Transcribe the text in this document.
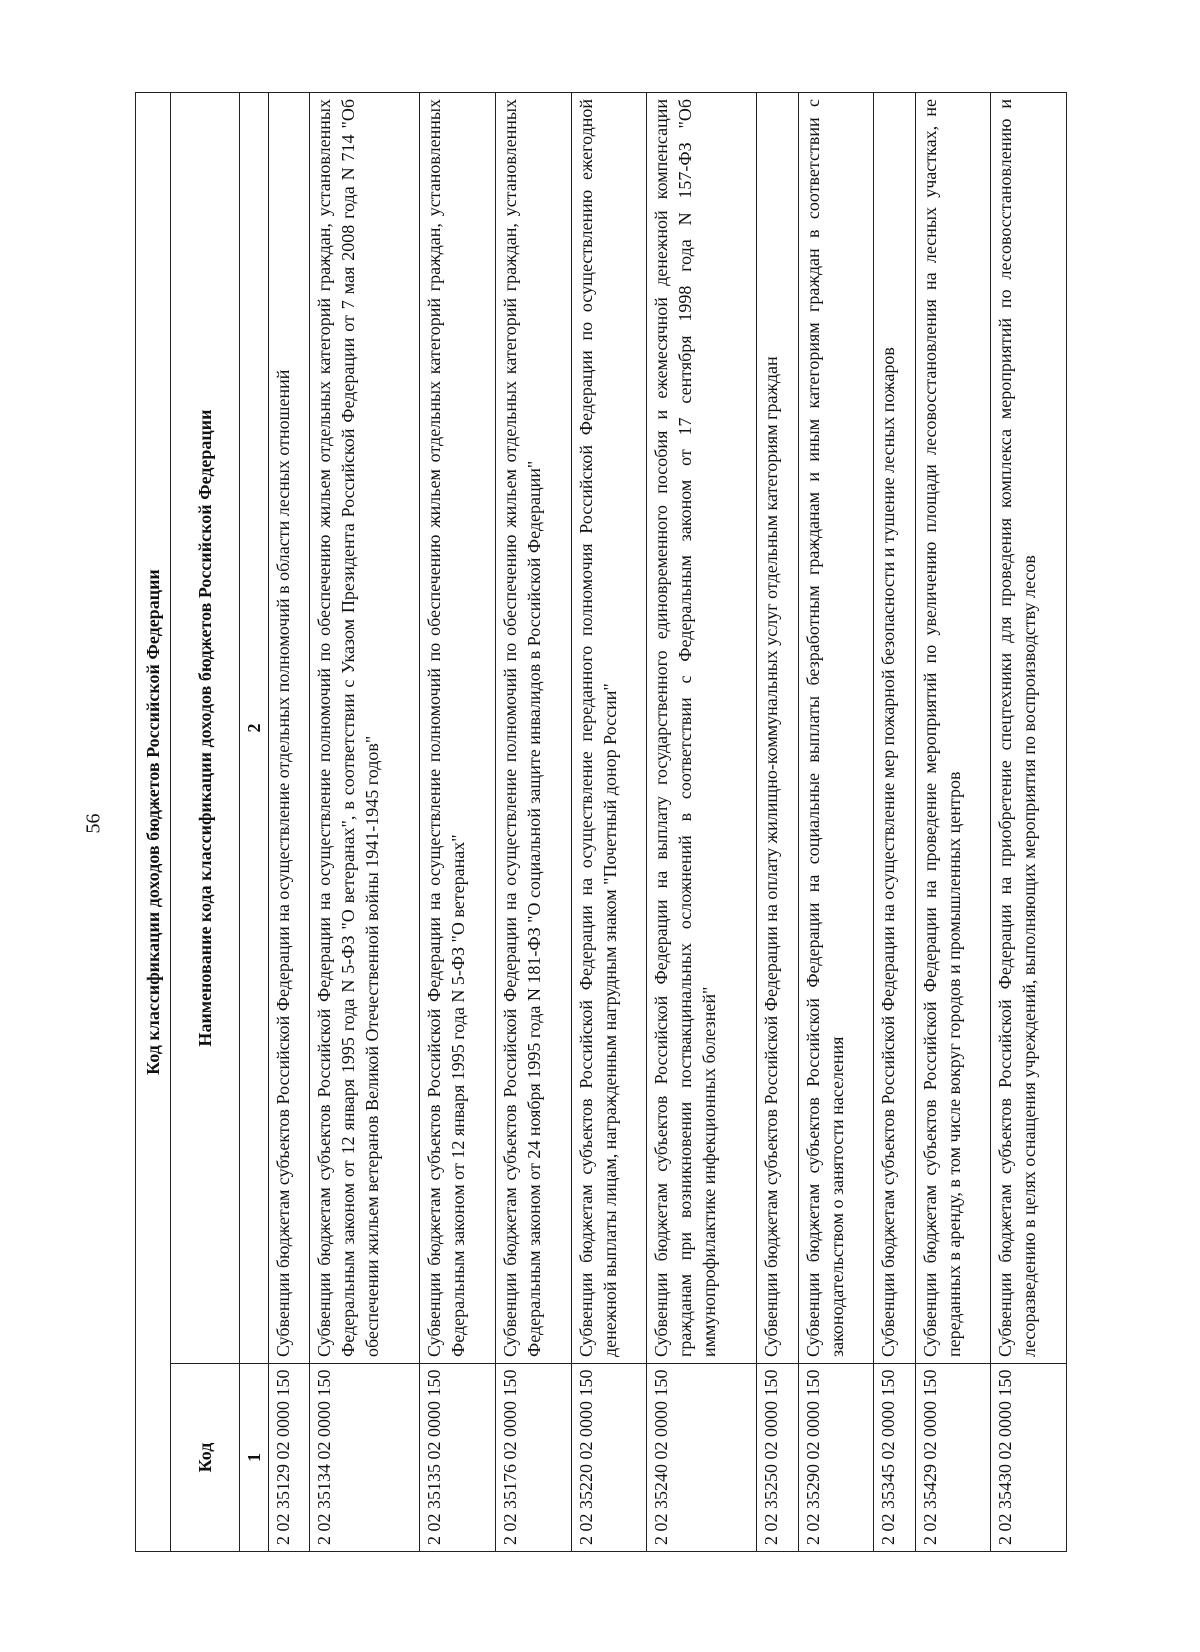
56 Код классификации доходов бюджетов Российской Федерации	
Код	Наименование кода классификации доходов бюджетов Российской Федерации
1	2
2 02 35129 02 0000 150	Субвенции бюджетам субъектов Российской Федерации на осуществление отдельных полномочий в области лесных отношений
2 02 35134 02 0000 150	Субвенции бюджетам субъектов Российской Федерации на осуществление полномочий по обеспечению жильем отдельных категорий граждан, установленных Федеральным законом от 12 января 1995 года N 5-ФЗ "О ветеранах", в соответствии с Указом Президента Российской Федерации от 7 мая 2008 года N 714 "Об обеспечении жильем ветеранов Великой Отечественной войны 1941-1945 годов"
2 02 35135 02 0000 150	Субвенции бюджетам субъектов Российской Федерации на осуществление полномочий по обеспечению жильем отдельных категорий граждан, установленных Федеральным законом от 12 января 1995 года N 5-ФЗ "О ветеранах"
2 02 35176 02 0000 150	Субвенции бюджетам субъектов Российской Федерации на осуществление полномочий по обеспечению жильем отдельных категорий граждан, установленных Федеральным законом от 24 ноября 1995 года N 181-ФЗ "О социальной защите инвалидов в Российской Федерации"
2 02 35220 02 0000 150	Субвенции бюджетам субъектов Российской Федерации на осуществление переданного полномочия Российской Федерации по осуществлению ежегодной денежной выплаты лицам, награжденным нагрудным знаком "Почетный донор России"
2 02 35240 02 0000 150	Субвенции бюджетам субъектов Российской Федерации на выплату государственного единовременного пособия и ежемесячной денежной компенсации гражданам при возникновении поствакцинальных осложнений в соответствии с Федеральным законом от 17 сентября 1998 года N 157-ФЗ "Об иммунопрофилактике инфекционных болезней"
2 02 35250 02 0000 150	Субвенции бюджетам субъектов Российской Федерации на оплату жилищно-коммунальных услуг отдельным категориям граждан
2 02 35290 02 0000 150	Субвенции бюджетам субъектов Российской Федерации на социальные выплаты безработным гражданам и иным категориям граждан в соответствии с законодательством о занятости населения
2 02 35345 02 0000 150	Субвенции бюджетам субъектов Российской Федерации на осуществление мер пожарной безопасности и тушение лесных пожаров
2 02 35429 02 0000 150	Субвенции бюджетам субъектов Российской Федерации на проведение мероприятий по увеличению площади лесовосстановления на лесных участках, не переданных в аренду, в том числе вокруг городов и промышленных центров
2 02 35430 02 0000 150	Субвенции бюджетам субъектов Российской Федерации на приобретение спецтехники для проведения комплекса мероприятий по лесовосстановлению и лесоразведению в целях оснащения учреждений, выполняющих мероприятия по воспроизводству лесов
